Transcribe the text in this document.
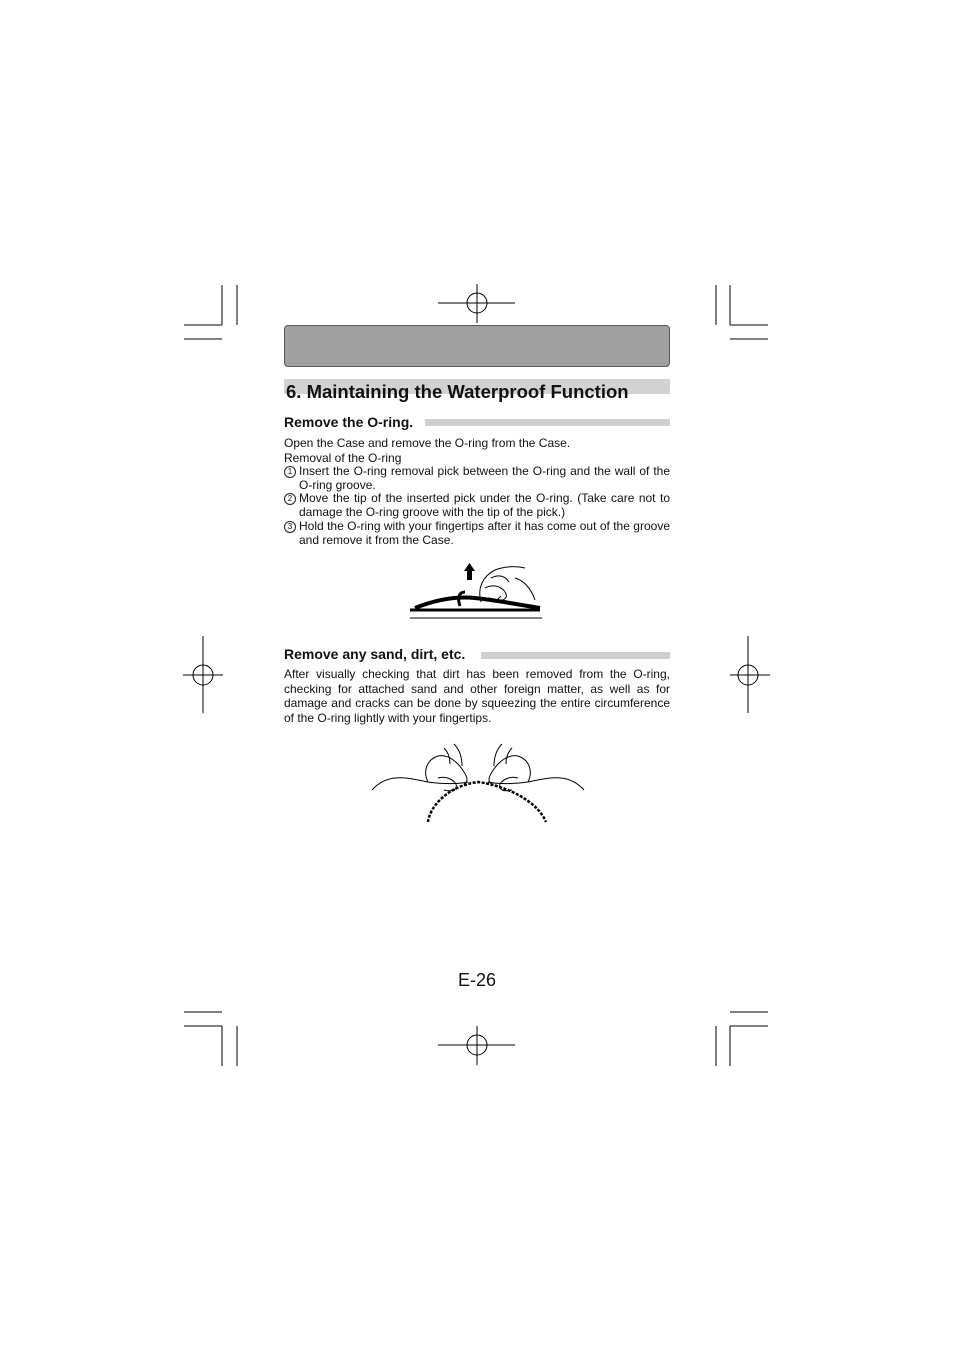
6. Maintaining the Waterproof Function
Remove the O-ring.

Open the Case and remove the O-ring from the Case.

Removal of the O-ring

1 Insert the O-ring removal pick between the O-ring and the wall of the O-ring groove.
2 Move the tip of the inserted pick under the O-ring. (Take care not to damage the O-ring groove with the tip of the pick.)
3 Hold the O-ring with your fingertips after it has come out of the groove and remove it from the Case.
Remove any sand, dirt, etc.

After visually checking that dirt has been removed from the O-ring, checking for attached sand and other foreign matter, as well as for damage and cracks can be done by squeezing the entire circumference of the O-ring lightly with your fingertips.

E-26
